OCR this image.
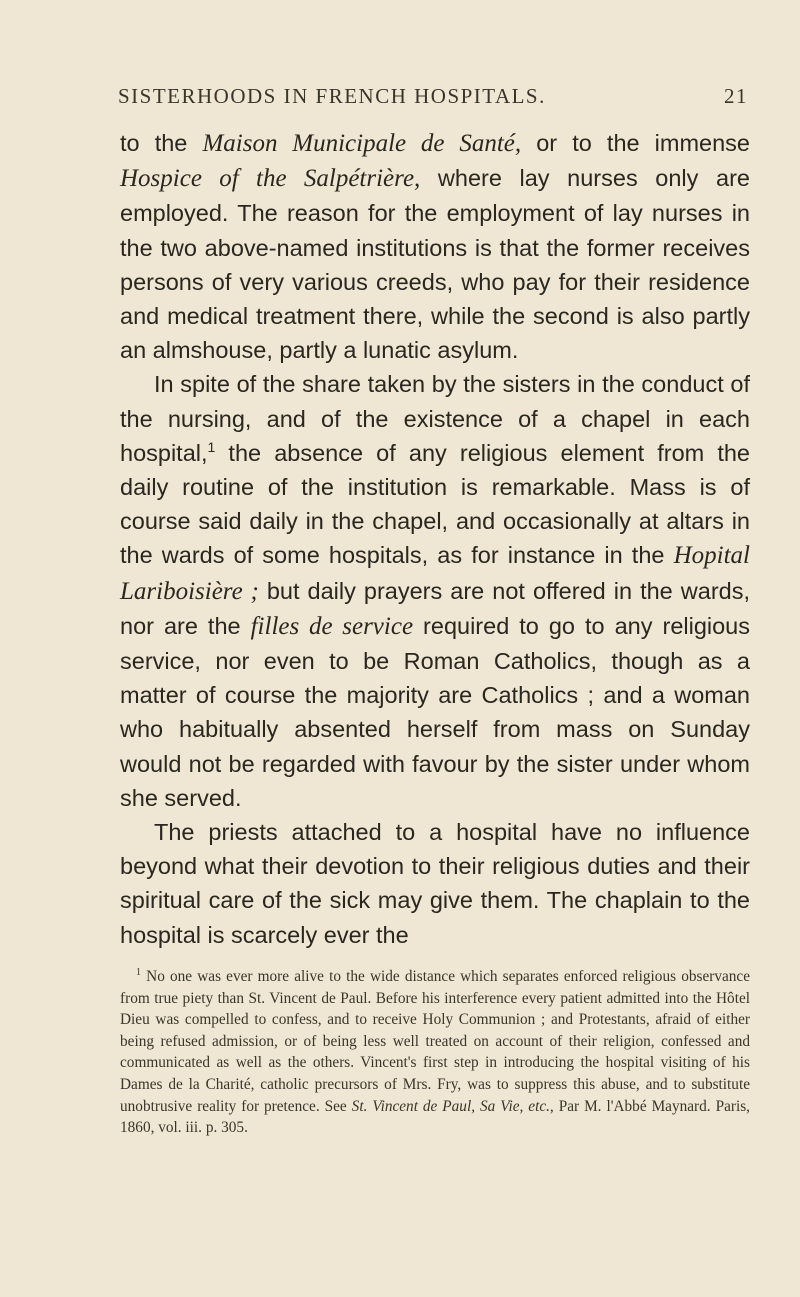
SISTERHOODS IN FRENCH HOSPITALS.	21

to the Maison Municipale de Santé, or to the immense Hospice of the Salpétrière, where lay nurses only are employed. The reason for the employment of lay nurses in the two above-named institutions is that the former receives persons of very various creeds, who pay for their residence and medical treatment there, while the second is also partly an almshouse, partly a lunatic asylum.

In spite of the share taken by the sisters in the conduct of the nursing, and of the existence of a chapel in each hospital,$^1$ the absence of any religious element from the daily routine of the institution is remarkable. Mass is of course said daily in the chapel, and occasionally at altars in the wards of some hospitals, as for instance in the Hopital Lariboisière ; but daily prayers are not offered in the wards, nor are the filles de service required to go to any religious service, nor even to be Roman Catholics, though as a matter of course the majority are Catholics ; and a woman who habitually absented herself from mass on Sunday would not be regarded with favour by the sister under whom she served.

The priests attached to a hospital have no influence beyond what their devotion to their religious duties and their spiritual care of the sick may give them. The chaplain to the hospital is scarcely ever the

$^1$ No one was ever more alive to the wide distance which separates enforced religious observance from true piety than St. Vincent de Paul. Before his interference every patient admitted into the Hôtel Dieu was compelled to confess, and to receive Holy Communion ; and Protestants, afraid of either being refused admission, or of being less well treated on account of their religion, confessed and communicated as well as the others. Vincent's first step in introducing the hospital visiting of his Dames de la Charité, catholic precursors of Mrs. Fry, was to suppress this abuse, and to substitute unobtrusive reality for pretence. See St. Vincent de Paul, Sa Vie, etc., Par M. l'Abbé Maynard. Paris, 1860, vol. iii. p. 305.
